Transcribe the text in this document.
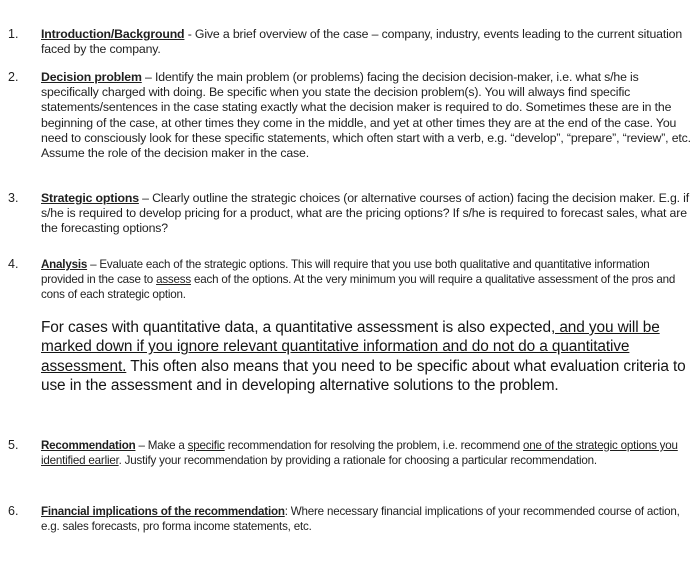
1. Introduction/Background - Give a brief overview of the case – company, industry, events leading to the current situation faced by the company.
2. Decision problem – Identify the main problem (or problems) facing the decision decision-maker, i.e. what s/he is specifically charged with doing. Be specific when you state the decision problem(s). You will always find specific statements/sentences in the case stating exactly what the decision maker is required to do. Sometimes these are in the beginning of the case, at other times they come in the middle, and yet at other times they are at the end of the case. You need to consciously look for these specific statements, which often start with a verb, e.g. “develop”, “prepare”, “review”, etc. Assume the role of the decision maker in the case.
3. Strategic options – Clearly outline the strategic choices (or alternative courses of action) facing the decision maker. E.g. if s/he is required to develop pricing for a product, what are the pricing options? If s/he is required to forecast sales, what are the forecasting options?
4. Analysis – Evaluate each of the strategic options. This will require that you use both qualitative and quantitative information provided in the case to assess each of the options. At the very minimum you will require a qualitative assessment of the pros and cons of each strategic option.
For cases with quantitative data, a quantitative assessment is also expected, and you will be marked down if you ignore relevant quantitative information and do not do a quantitative assessment. This often also means that you need to be specific about what evaluation criteria to use in the assessment and in developing alternative solutions to the problem.
5. Recommendation – Make a specific recommendation for resolving the problem, i.e. recommend one of the strategic options you identified earlier. Justify your recommendation by providing a rationale for choosing a particular recommendation.
6. Financial implications of the recommendation: Where necessary financial implications of your recommended course of action, e.g. sales forecasts, pro forma income statements, etc.
